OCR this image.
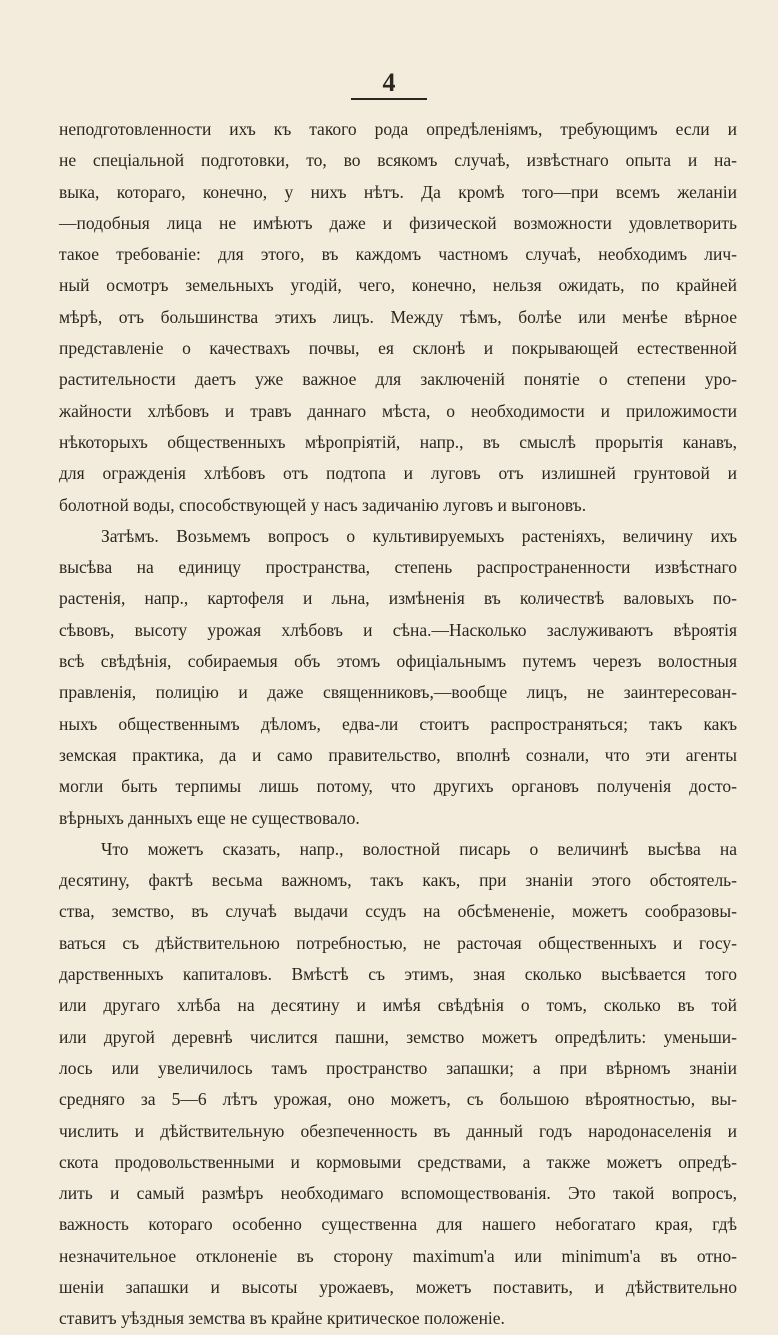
4
неподготовленности ихъ къ такого рода опредѣленіямъ, требующимъ если и
не спеціальной подготовки, то, во всякомъ случаѣ, извѣстнаго опыта и на-
выка, котораго, конечно, у нихъ нѣтъ. Да кромѣ того—при всемъ желаніи
—подобныя лица не имѣютъ даже и физической возможности удовлетворить
такое требованіе: для этого, въ каждомъ частномъ случаѣ, необходимъ лич-
ный осмотръ земельныхъ угодій, чего, конечно, нельзя ожидать, по крайней
мѣрѣ, отъ большинства этихъ лицъ. Между тѣмъ, болѣе или менѣе вѣрное
представленіе о качествахъ почвы, ея склонѣ и покрывающей естественной
растительности даетъ уже важное для заключеній понятіе о степени уро-
жайности хлѣбовъ и травъ даннаго мѣста, о необходимости и приложимости
нѣкоторыхъ общественныхъ мѣропріятій, напр., въ смыслѣ прорытія канавъ,
для огражденія хлѣбовъ отъ подтопа и луговъ отъ излишней грунтовой и
болотной воды, способствующей у насъ задичанію луговъ и выгоновъ.
Затѣмъ. Возьмемъ вопросъ о культивируемыхъ растеніяхъ, величину ихъ
высѣва на единицу пространства, степень распространенности извѣстнаго
растенія, напр., картофеля и льна, измѣненія въ количествѣ валовыхъ по-
сѣвовъ, высоту урожая хлѣбовъ и сѣна.—Насколько заслуживаютъ вѣроятія
всѣ свѣдѣнія, собираемыя объ этомъ офиціальнымъ путемъ черезъ волостныя
правленія, полицію и даже священниковъ,—вообще лицъ, не заинтересован-
ныхъ общественнымъ дѣломъ, едва-ли стоитъ распространяться; такъ какъ
земская практика, да и само правительство, вполнѣ сознали, что эти агенты
могли быть терпимы лишь потому, что другихъ органовъ полученія досто-
вѣрныхъ данныхъ еще не существовало.
Что можетъ сказать, напр., волостной писарь о величинѣ высѣва на
десятину, фактѣ весьма важномъ, такъ какъ, при знаніи этого обстоятель-
ства, земство, въ случаѣ выдачи ссудъ на обсѣмененіе, можетъ сообразовы-
ваться съ дѣйствительною потребностью, не расточая общественныхъ и госу-
дарственныхъ капиталовъ. Вмѣстѣ съ этимъ, зная сколько высѣвается того
или другаго хлѣба на десятину и имѣя свѣдѣнія о томъ, сколько въ той
или другой деревнѣ числится пашни, земство можетъ опредѣлить: уменьши-
лось или увеличилось тамъ пространство запашки; а при вѣрномъ знаніи
средняго за 5—6 лѣтъ урожая, оно можетъ, съ большою вѣроятностью, вы-
числить и дѣйствительную обезпеченность въ данный годъ народонаселенія и
скота продовольственными и кормовыми средствами, а также можетъ опредѣ-
лить и самый размѣръ необходимаго вспомоществованія. Это такой вопросъ,
важность котораго особенно существенна для нашего небогатаго края, гдѣ
незначительное отклоненіе въ сторону maximum'а или minimum'а въ отно-
шеніи запашки и высоты урожаевъ, можетъ поставить, и дѣйствительно
ставитъ уѣздныя земства въ крайне критическое положеніе.
